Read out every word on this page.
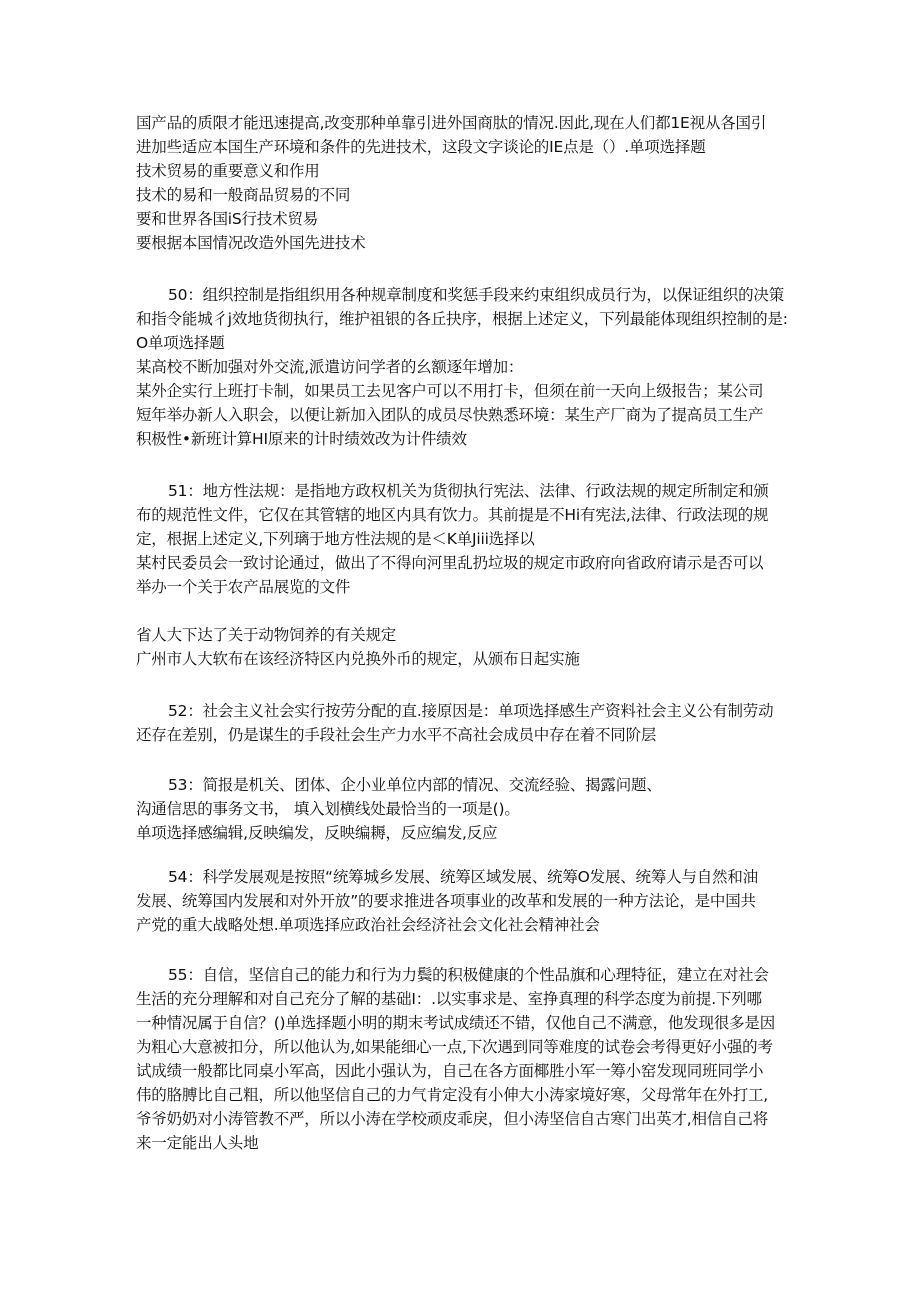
国产品的质限才能迅速提高,改变那种单靠引进外国商肽的情况.因此,现在人们都1E视从各国引
进加些适应本国生产环境和条件的先进技术，这段文字谈论的IE点是（）.单项选择题
技术贸易的重要意义和作用
技术的易和一般商品贸易的不同
要和世界各国iS行技术贸易
要根据本国情况改造外国先进技术
50：组织控制是指组织用各种规章制度和奖惩手段来约束组织成员行为，以保证组织的决策
和指令能城彳j效地货彻执行，维护祖银的各丘抉序，根据上述定义，下列最能体现组织控制的是:
O单项选择题
某高校不断加强对外交流,派遣访问学者的幺额逐年增加：
某外企实行上班打卡制，如果员工去见客户可以不用打卡，但须在前一天向上级报告；某公司
短年举办新人入职会，以便让新加入团队的成员尽快熟悉环境：某生产厂商为了提高员工生产
积极性•新班计算HI原来的计时绩效改为计件绩效
51：地方性法规：是指地方政权机关为货彻执行宪法、法律、行政法规的规定所制定和颁
布的规范性文件，它仅在其管辖的地区内具有饮力。其前提是不Hi有宪法,法律、行政法现的规
定，根据上述定义,下列璃于地方性法规的是＜K单Jiii选择以
某村民委员会一致讨论通过，做出了不得向河里乱扔垃圾的规定市政府向省政府请示是否可以
举办一个关于农产品展览的文件
省人大下达了关于动物饲养的有关规定
广州市人大软布在该经济特区内兑换外币的规定，从颁布日起实施
52：社会主义社会实行按劳分配的直.接原因是：单项选择感生产资料社会主义公有制劳动
还存在差别，仍是谋生的手段社会生产力水平不高社会成员中存在着不同阶层
53：简报是机关、团体、企小业单位内部的情况、交流经验、揭露问题、
沟通信思的事务文书， 填入划横线处最恰当的一项是()。
单项选择感编辑,反映编发，反映编耨，反应编发,反应
54：科学发展观是按照“统筹城乡发展、统筹区域发展、统筹O发展、统筹人与自然和油
发展、统筹国内发展和对外开放”的要求推进各项事业的改革和发展的一种方法论，是中国共
产党的重大战略处想.单项选择应政治社会经济社会文化社会精神社会
55：自信，坚信自己的能力和行为力鬓的积极健康的个性品旗和心理特征，建立在对社会
生活的充分理解和对自己充分了解的基础I：.以实事求是、室挣真理的科学态度为前提.下列哪
一种情况属于自信？()单选择题小明的期末考试成绩还不错，仅他自己不满意，他发现很多是因
为粗心大意被扣分，所以他认为,如果能细心一点,下次遇到同等难度的试卷会考得更好小强的考
试成绩一般都比同桌小军高，因此小强认为，自己在各方面椰胜小军一筹小窑发现同班同学小
伟的胳膊比自己粗，所以他坚信自己的力气肯定没有小伸大小涛家境好寒，父母常年在外打工,
爷爷奶奶对小涛管教不严，所以小涛在学校顽皮乖戾，但小涛坚信自古寒门出英才,相信自己将
来一定能出人头地
